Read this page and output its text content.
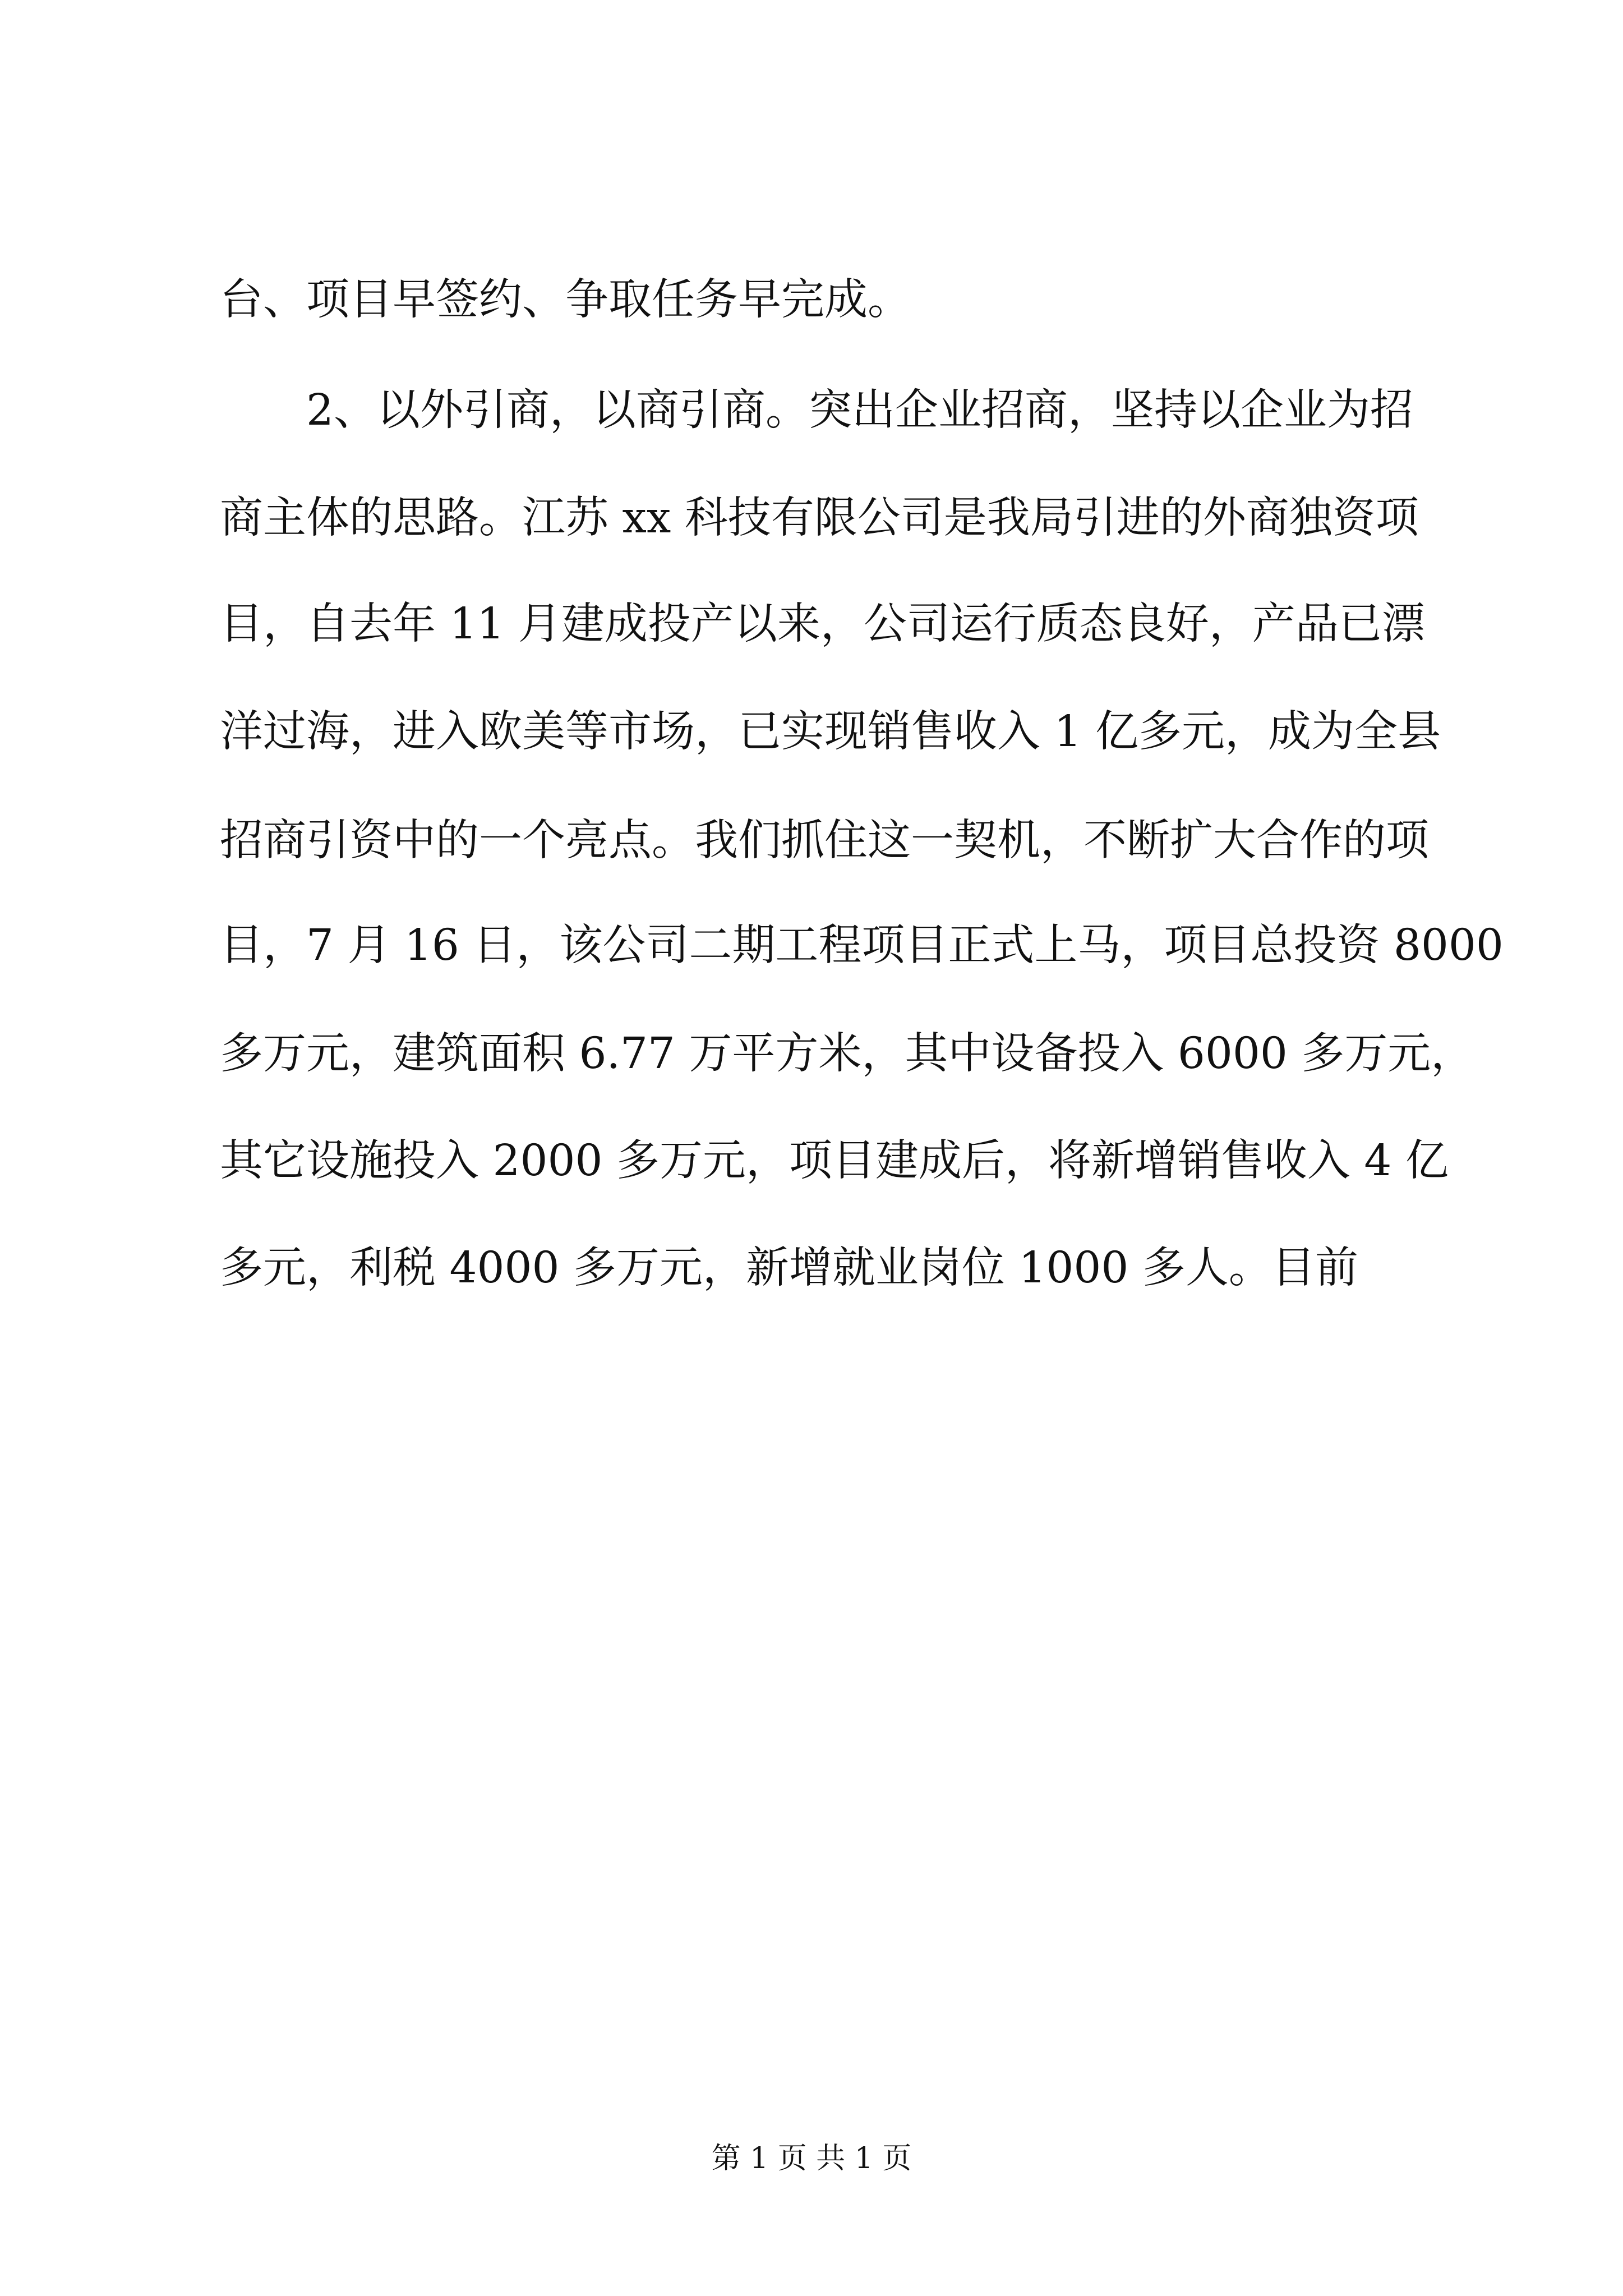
台、项目早签约、争取任务早完成。
　　2、以外引商，以商引商。突出企业招商，坚持以企业为招
商主体的思路。江苏 xx 科技有限公司是我局引进的外商独资项
目，自去年 11 月建成投产以来，公司运行质态良好，产品已漂
洋过海，进入欧美等市场，已实现销售收入 1 亿多元，成为全县
招商引资中的一个亮点。我们抓住这一契机，不断扩大合作的项
目，7 月 16 日，该公司二期工程项目正式上马，项目总投资 8000
多万元，建筑面积 6.77 万平方米，其中设备投入 6000 多万元，
其它设施投入 2000 多万元，项目建成后，将新增销售收入 4 亿
多元，利税 4000 多万元，新增就业岗位 1000 多人。目前
第 1 页 共 1 页
